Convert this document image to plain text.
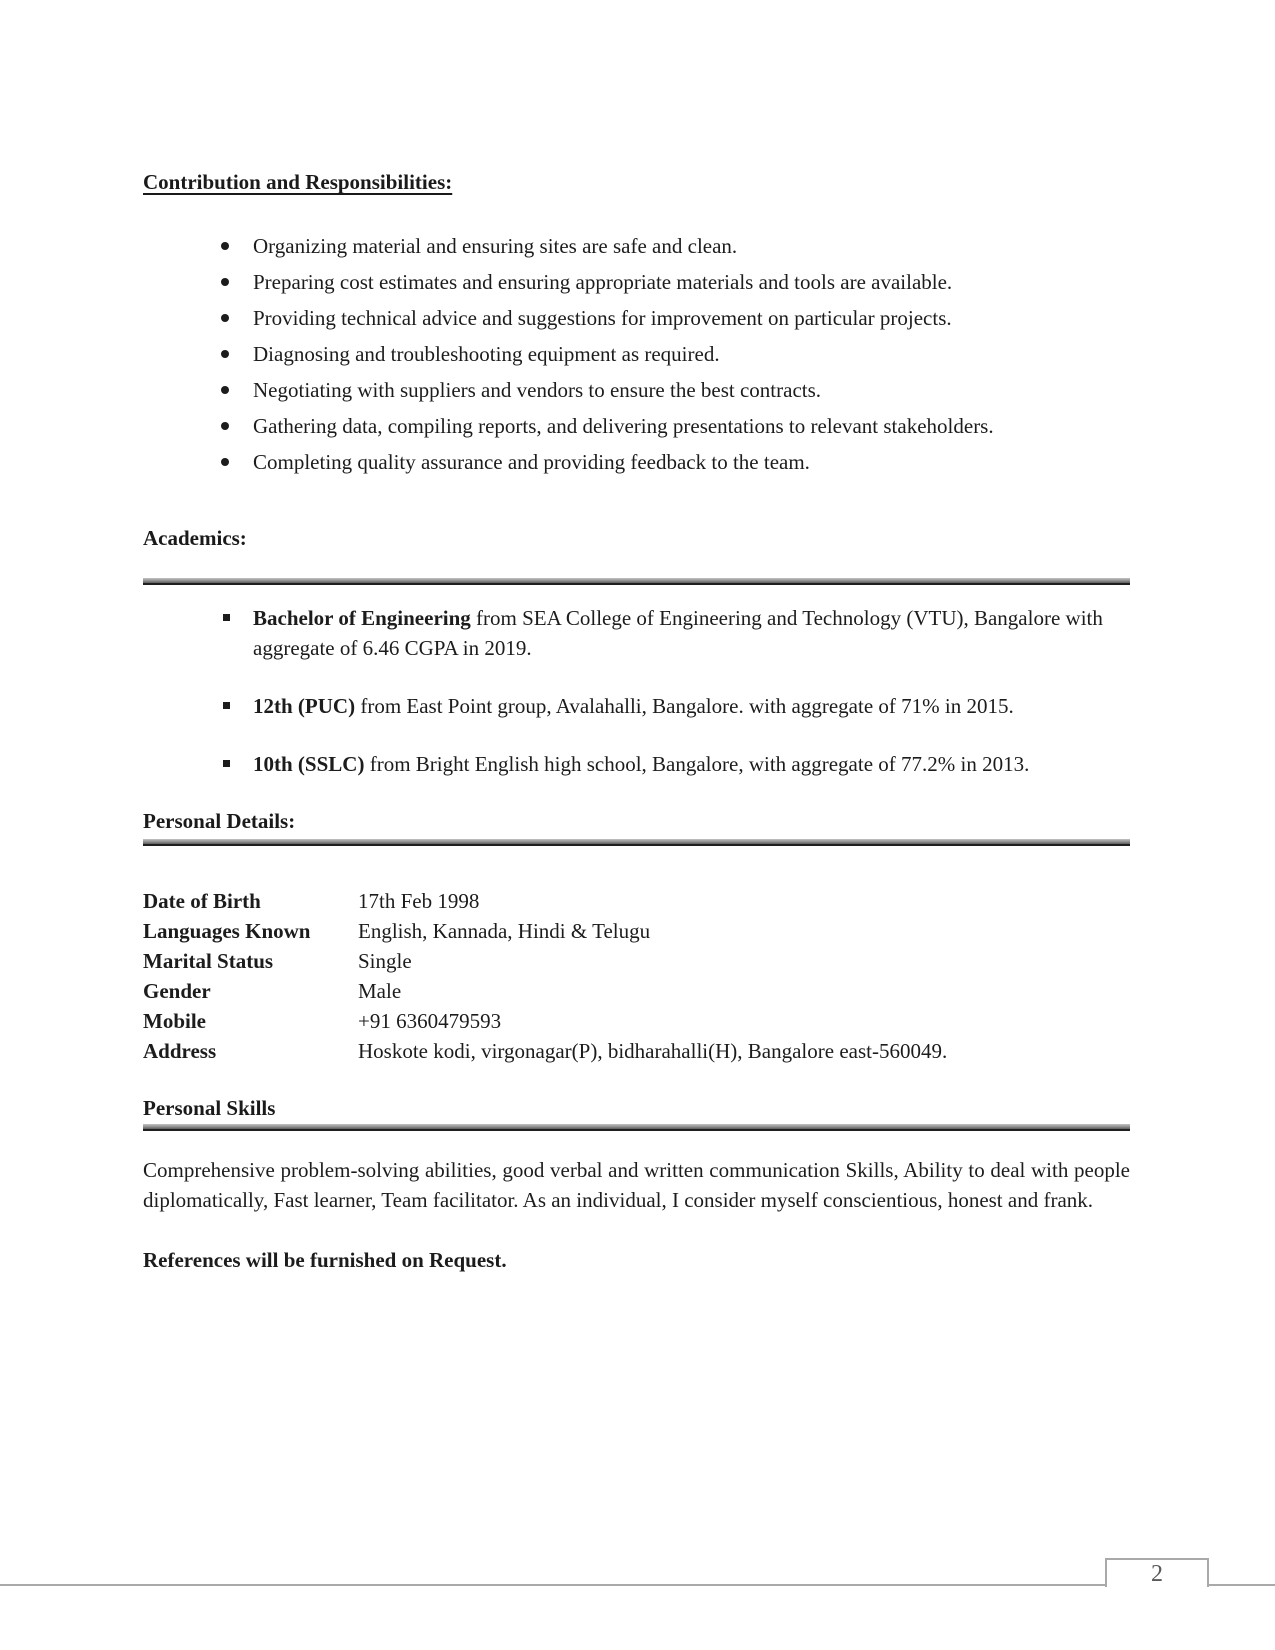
Contribution and Responsibilities:
Organizing material and ensuring sites are safe and clean.
Preparing cost estimates and ensuring appropriate materials and tools are available.
Providing technical advice and suggestions for improvement on particular projects.
Diagnosing and troubleshooting equipment as required.
Negotiating with suppliers and vendors to ensure the best contracts.
Gathering data, compiling reports, and delivering presentations to relevant stakeholders.
Completing quality assurance and providing feedback to the team.
Academics:
Bachelor of Engineering from SEA College of Engineering and Technology (VTU), Bangalore with aggregate of 6.46 CGPA in 2019.
12th (PUC) from East Point group, Avalahalli, Bangalore. with aggregate of 71% in 2015.
10th (SSLC) from Bright English high school, Bangalore, with aggregate of 77.2% in 2013.
Personal Details:
Date of Birth	17th Feb 1998
Languages Known	English, Kannada, Hindi & Telugu
Marital Status	Single
Gender	Male
Mobile	+91 6360479593
Address	Hoskote kodi, virgonagar(P), bidharahalli(H), Bangalore east-560049.
Personal Skills
Comprehensive problem-solving abilities, good verbal and written communication Skills, Ability to deal with people diplomatically, Fast learner, Team facilitator. As an individual, I consider myself conscientious, honest and frank.
References will be furnished on Request.
2
